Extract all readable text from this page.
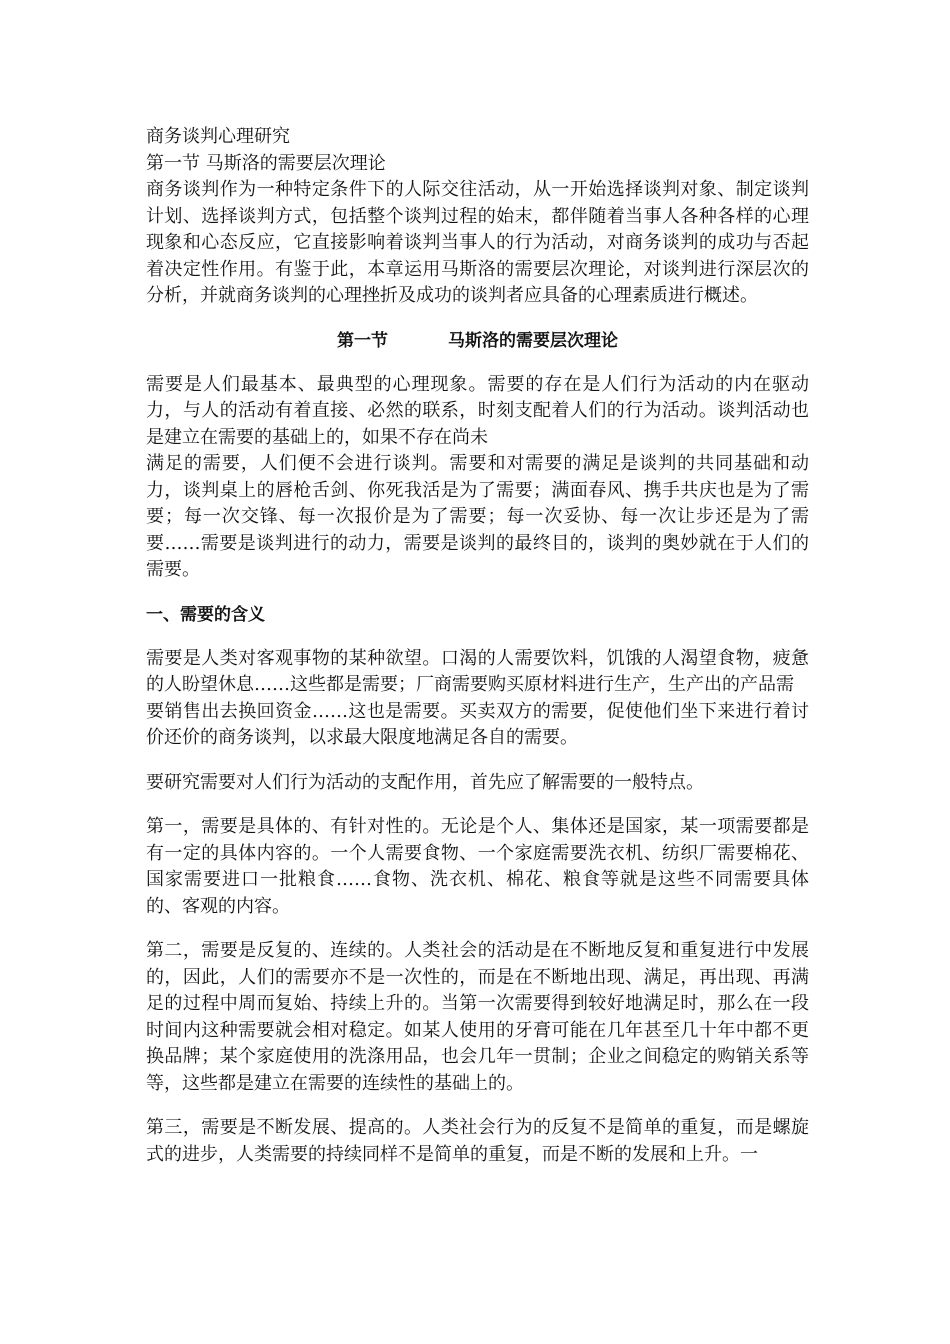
商务谈判心理研究

第一节 马斯洛的需要层次理论

商务谈判作为一种特定条件下的人际交往活动，从一开始选择谈判对象、制定谈判计划、选择谈判方式，包括整个谈判过程的始末，都伴随着当事人各种各样的心理现象和心态反应，它直接影响着谈判当事人的行为活动，对商务谈判的成功与否起着决定性作用。有鉴于此，本章运用马斯洛的需要层次理论，对谈判进行深层次的分析，并就商务谈判的心理挫折及成功的谈判者应具备的心理素质进行概述。

第一节	马斯洛的需要层次理论

需要是人们最基本、最典型的心理现象。需要的存在是人们行为活动的内在驱动力，与人的活动有着直接、必然的联系，时刻支配着人们的行为活动。谈判活动也是建立在需要的基础上的，如果不存在尚未

满足的需要，人们便不会进行谈判。需要和对需要的满足是谈判的共同基础和动力，谈判桌上的唇枪舌剑、你死我活是为了需要；满面春风、携手共庆也是为了需要；每一次交锋、每一次报价是为了需要；每一次妥协、每一次让步还是为了需要……需要是谈判进行的动力，需要是谈判的最终目的，谈判的奥妙就在于人们的需要。

一、需要的含义

需要是人类对客观事物的某种欲望。口渴的人需要饮料，饥饿的人渴望食物，疲惫的人盼望休息……这些都是需要；厂商需要购买原材料进行生产，生产出的产品需

要销售出去换回资金……这也是需要。买卖双方的需要，促使他们坐下来进行着讨价还价的商务谈判，以求最大限度地满足各自的需要。

要研究需要对人们行为活动的支配作用，首先应了解需要的一般特点。

第一，需要是具体的、有针对性的。无论是个人、集体还是国家，某一项需要都是有一定的具体内容的。一个人需要食物、一个家庭需要洗衣机、纺织厂需要棉花、国家需要进口一批粮食……食物、洗衣机、棉花、粮食等就是这些不同需要具体的、客观的内容。

第二，需要是反复的、连续的。人类社会的活动是在不断地反复和重复进行中发展的，因此，人们的需要亦不是一次性的，而是在不断地出现、满足，再出现、再满足的过程中周而复始、持续上升的。当第一次需要得到较好地满足时，那么在一段时间内这种需要就会相对稳定。如某人使用的牙膏可能在几年甚至几十年中都不更换品牌；某个家庭使用的洗涤用品，也会几年一贯制；企业之间稳定的购销关系等等，这些都是建立在需要的连续性的基础上的。

第三，需要是不断发展、提高的。人类社会行为的反复不是简单的重复，而是螺旋式的进步，人类需要的持续同样不是简单的重复，而是不断的发展和上升。一
